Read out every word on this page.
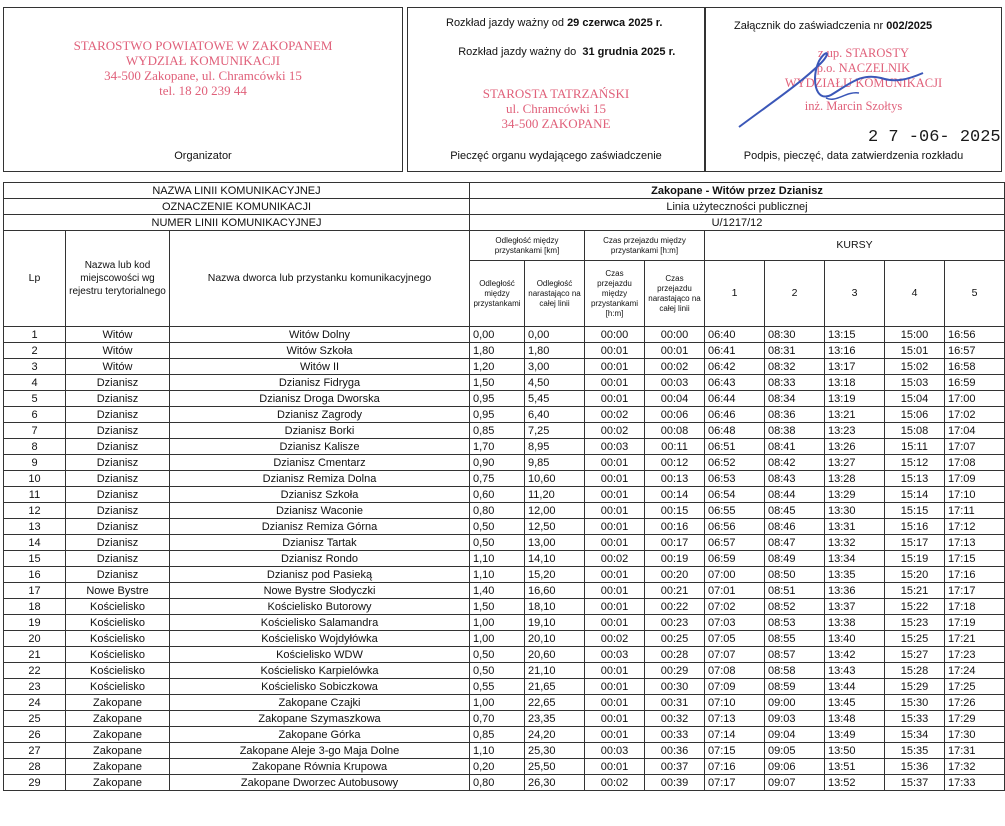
STAROSTWO POWIATOWE W ZAKOPANEM
WYDZIAŁ KOMUNIKACJI
34-500 Zakopane, ul. Chramcówki 15
tel. 18 20 239 44
Organizator
Rozkład jazdy ważny od 29 czerwca 2025 r.

Rozkład jazdy ważny do  31 grudnia 2025 r.

STAROSTA TATRZAŃSKI
ul. Chramcówki 15
34-500 ZAKOPANE
Pieczęć organu wydającego zaświadczenie
Załącznik do zaświadczenia nr 002/2025
z up. STAROSTY
p.o. NACZELNIK
WYDZIAŁU KOMUNIKACJI
inż. Marcin Szołtys
2 7 -06- 2025
Podpis, pieczęć, data zatwierdzenia rozkładu
NAZWA LINII KOMUNIKACYJNEJ			Zakopane - Witów przez Dzianisz								
OZNACZENIE KOMUNIKACJI			Linia użyteczności publicznej								
NUMER LINII KOMUNIKACYJNEJ			U/1217/12								
Lp	Nazwa lub kod miejscowości wg rejestru terytorialnego	Nazwa dworca lub przystanku komunikacyjnego	Odległość między przystankami [km]		Czas przejazdu między przystankami [h:m]		KURSY				
			Odległość między przystankami	Odległość narastająco na całej linii	Czas przejazdu między przystankami [h:m]	Czas przejazdu narastająco na całej linii	1	2	3	4	5
1	Witów	Witów Dolny	0,00	0,00	00:00	00:00	06:40	08:30	13:15	15:00	16:56
2	Witów	Witów Szkoła	1,80	1,80	00:01	00:01	06:41	08:31	13:16	15:01	16:57
3	Witów	Witów II	1,20	3,00	00:01	00:02	06:42	08:32	13:17	15:02	16:58
4	Dzianisz	Dzianisz Fidryga	1,50	4,50	00:01	00:03	06:43	08:33	13:18	15:03	16:59
5	Dzianisz	Dzianisz Droga Dworska	0,95	5,45	00:01	00:04	06:44	08:34	13:19	15:04	17:00
6	Dzianisz	Dzianisz Zagrody	0,95	6,40	00:02	00:06	06:46	08:36	13:21	15:06	17:02
7	Dzianisz	Dzianisz Borki	0,85	7,25	00:02	00:08	06:48	08:38	13:23	15:08	17:04
8	Dzianisz	Dzianisz Kalisze	1,70	8,95	00:03	00:11	06:51	08:41	13:26	15:11	17:07
9	Dzianisz	Dzianisz Cmentarz	0,90	9,85	00:01	00:12	06:52	08:42	13:27	15:12	17:08
10	Dzianisz	Dzianisz Remiza Dolna	0,75	10,60	00:01	00:13	06:53	08:43	13:28	15:13	17:09
11	Dzianisz	Dzianisz Szkoła	0,60	11,20	00:01	00:14	06:54	08:44	13:29	15:14	17:10
12	Dzianisz	Dzianisz Waconie	0,80	12,00	00:01	00:15	06:55	08:45	13:30	15:15	17:11
13	Dzianisz	Dzianisz Remiza Górna	0,50	12,50	00:01	00:16	06:56	08:46	13:31	15:16	17:12
14	Dzianisz	Dzianisz Tartak	0,50	13,00	00:01	00:17	06:57	08:47	13:32	15:17	17:13
15	Dzianisz	Dzianisz Rondo	1,10	14,10	00:02	00:19	06:59	08:49	13:34	15:19	17:15
16	Dzianisz	Dzianisz pod Pasieką	1,10	15,20	00:01	00:20	07:00	08:50	13:35	15:20	17:16
17	Nowe Bystre	Nowe Bystre Słodyczki	1,40	16,60	00:01	00:21	07:01	08:51	13:36	15:21	17:17
18	Kościelisko	Kościelisko Butorowy	1,50	18,10	00:01	00:22	07:02	08:52	13:37	15:22	17:18
19	Kościelisko	Kościelisko Salamandra	1,00	19,10	00:01	00:23	07:03	08:53	13:38	15:23	17:19
20	Kościelisko	Kościelisko Wojdyłówka	1,00	20,10	00:02	00:25	07:05	08:55	13:40	15:25	17:21
21	Kościelisko	Kościelisko WDW	0,50	20,60	00:03	00:28	07:07	08:57	13:42	15:27	17:23
22	Kościelisko	Kościelisko Karpielówka	0,50	21,10	00:01	00:29	07:08	08:58	13:43	15:28	17:24
23	Kościelisko	Kościelisko Sobiczkowa	0,55	21,65	00:01	00:30	07:09	08:59	13:44	15:29	17:25
24	Zakopane	Zakopane Czajki	1,00	22,65	00:01	00:31	07:10	09:00	13:45	15:30	17:26
25	Zakopane	Zakopane Szymaszkowa	0,70	23,35	00:01	00:32	07:13	09:03	13:48	15:33	17:29
26	Zakopane	Zakopane Górka	0,85	24,20	00:01	00:33	07:14	09:04	13:49	15:34	17:30
27	Zakopane	Zakopane Aleje 3-go Maja Dolne	1,10	25,30	00:03	00:36	07:15	09:05	13:50	15:35	17:31
28	Zakopane	Zakopane Równia Krupowa	0,20	25,50	00:01	00:37	07:16	09:06	13:51	15:36	17:32
29	Zakopane	Zakopane Dworzec Autobusowy	0,80	26,30	00:02	00:39	07:17	09:07	13:52	15:37	17:33
